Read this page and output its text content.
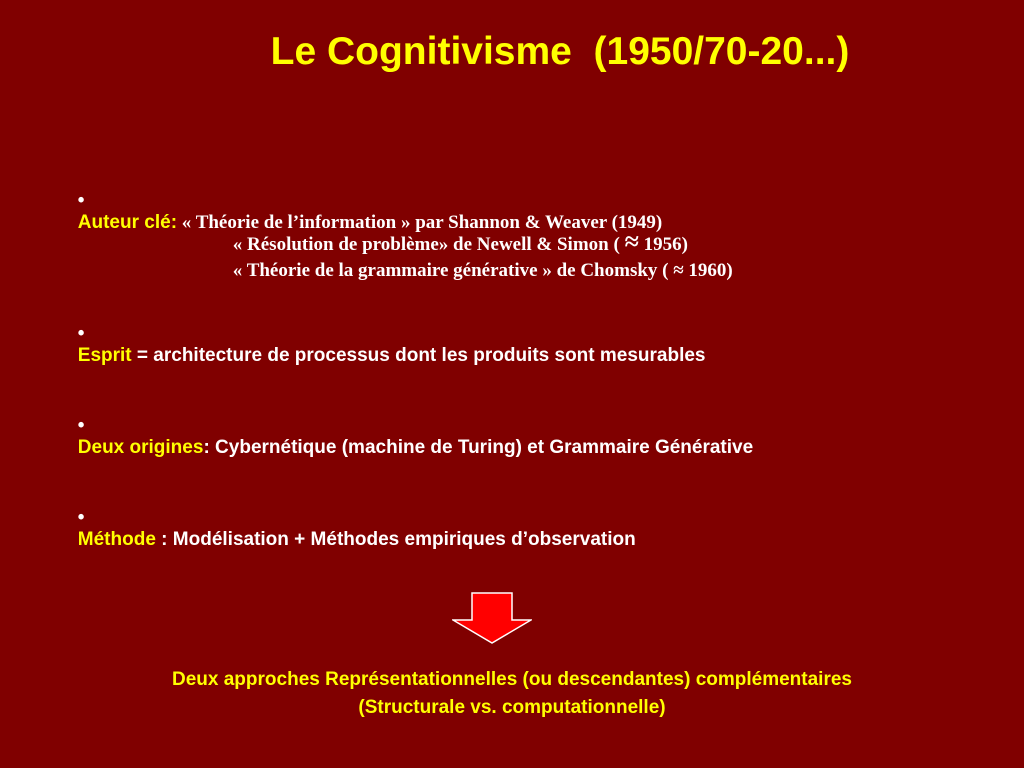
Le Cognitivisme  (1950/70-20...)

•
Auteur clé: « Théorie de l’information » par Shannon & Weaver (1949)

« Résolution de problème» de Newell & Simon ( ≈ 1956)

« Théorie de la grammaire générative » de Chomsky ( ≈ 1960)

•
Esprit = architecture de processus dont les produits sont mesurables

•
Deux origines: Cybernétique (machine de Turing) et Grammaire Générative

•
Méthode : Modélisation + Méthodes empiriques d’observation

Deux approches Représentationnelles (ou descendantes) complémentaires
(Structurale vs. computationnelle)
